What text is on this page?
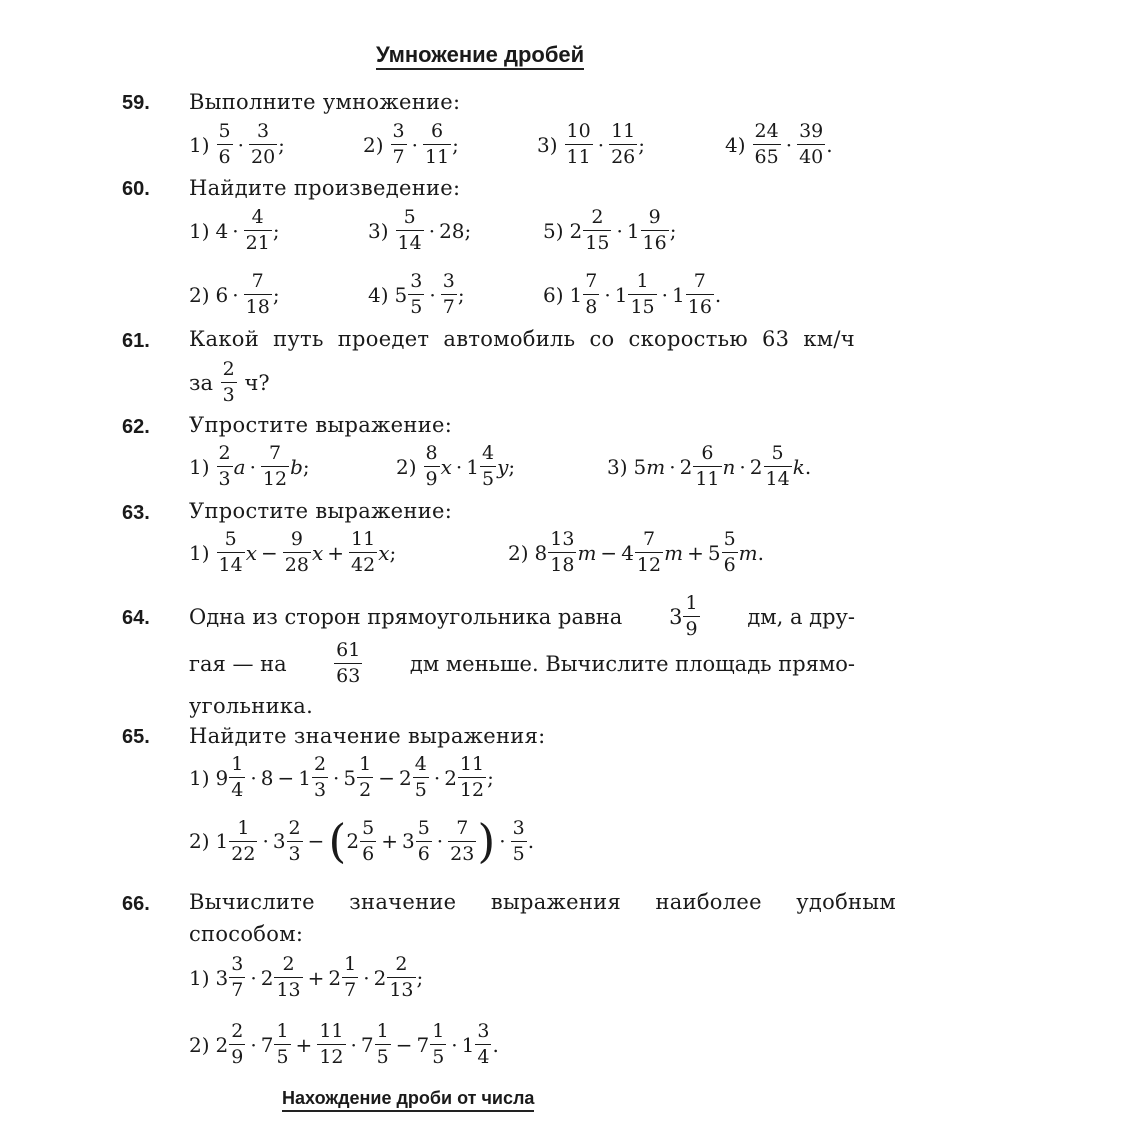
Умножение дробей
59. Выполните умножение:
$1) \frac{5}{6} \cdot \frac{3}{20}$ ;	$2) \frac{3}{7} \cdot \frac{6}{11}$ ;	$3) \frac{10}{11} \cdot \frac{11}{26}$ ;	$4) \frac{24}{65} \cdot \frac{39}{40}$ .
60. Найдите произведение:
1) $4 \cdot \frac{4}{21}$ ;	$3) \frac{5}{14} \cdot 28$;	5) $2 \frac{2}{15} \cdot 1 \frac{9}{16}$ ;
2) $6 \cdot \frac{7}{18}$ ;	4) $5 \frac{3}{5} \cdot \frac{3}{7}$ ;	6) $1 \frac{7}{8} \cdot 1 \frac{1}{15} \cdot 1 \frac{7}{16}$ .
61. Какой путь проедет автомобиль со скоростью 63 км/ч
за
$\frac{2}{3}$
ч?
62. Упростите выражение:
$1) \frac{2}{3}$ $a \cdot \frac{7}{12}$ b ;	$2) \frac{8}{9}$ $x \cdot 1 \frac{4}{5}$ y ;	3) 5 $m \cdot 2 \frac{6}{11}$ $n \cdot 2 \frac{5}{14}$ k .
63. Упростите выражение:
$1) \frac{5}{14}$ $x - \frac{9}{28}$ $x + \frac{11}{42}$ x ;	2) $8 \frac{13}{18}$ $m - 4 \frac{7}{12}$ $m + 5 \frac{5}{6}$ m .
64. Одна из сторон прямоугольника равна $3 \frac{1}{9}$ дм, а дру-
гая — на	$\frac{61}{63}$ дм меньше. Вычислите площадь прямо-
угольника.
65. Найдите значение выражения:
1) $9 \frac{1}{4} \cdot 8 - 1 \frac{2}{3} \cdot 5 \frac{1}{2} - 2 \frac{4}{5} \cdot 2 \frac{11}{12}$ ;
2) $1 \frac{1}{22} \cdot 3 \frac{2}{3}$ − ( $2 \frac{5}{6} + 3 \frac{5}{6} \cdot \frac{7}{23}$ ) · $\frac{3}{5}$ .
66. Вычислите значение выражения наиболее удобным
способом:
1) $3 \frac{3}{7} \cdot 2 \frac{2}{13} + 2 \frac{1}{7} \cdot 2 \frac{2}{13}$ ;
2) $2 \frac{2}{9} \cdot 7 \frac{1}{5} + \frac{11}{12} \cdot 7 \frac{1}{5} - 7 \frac{1}{5} \cdot 1 \frac{3}{4}$ .
Нахождение дроби от числа
